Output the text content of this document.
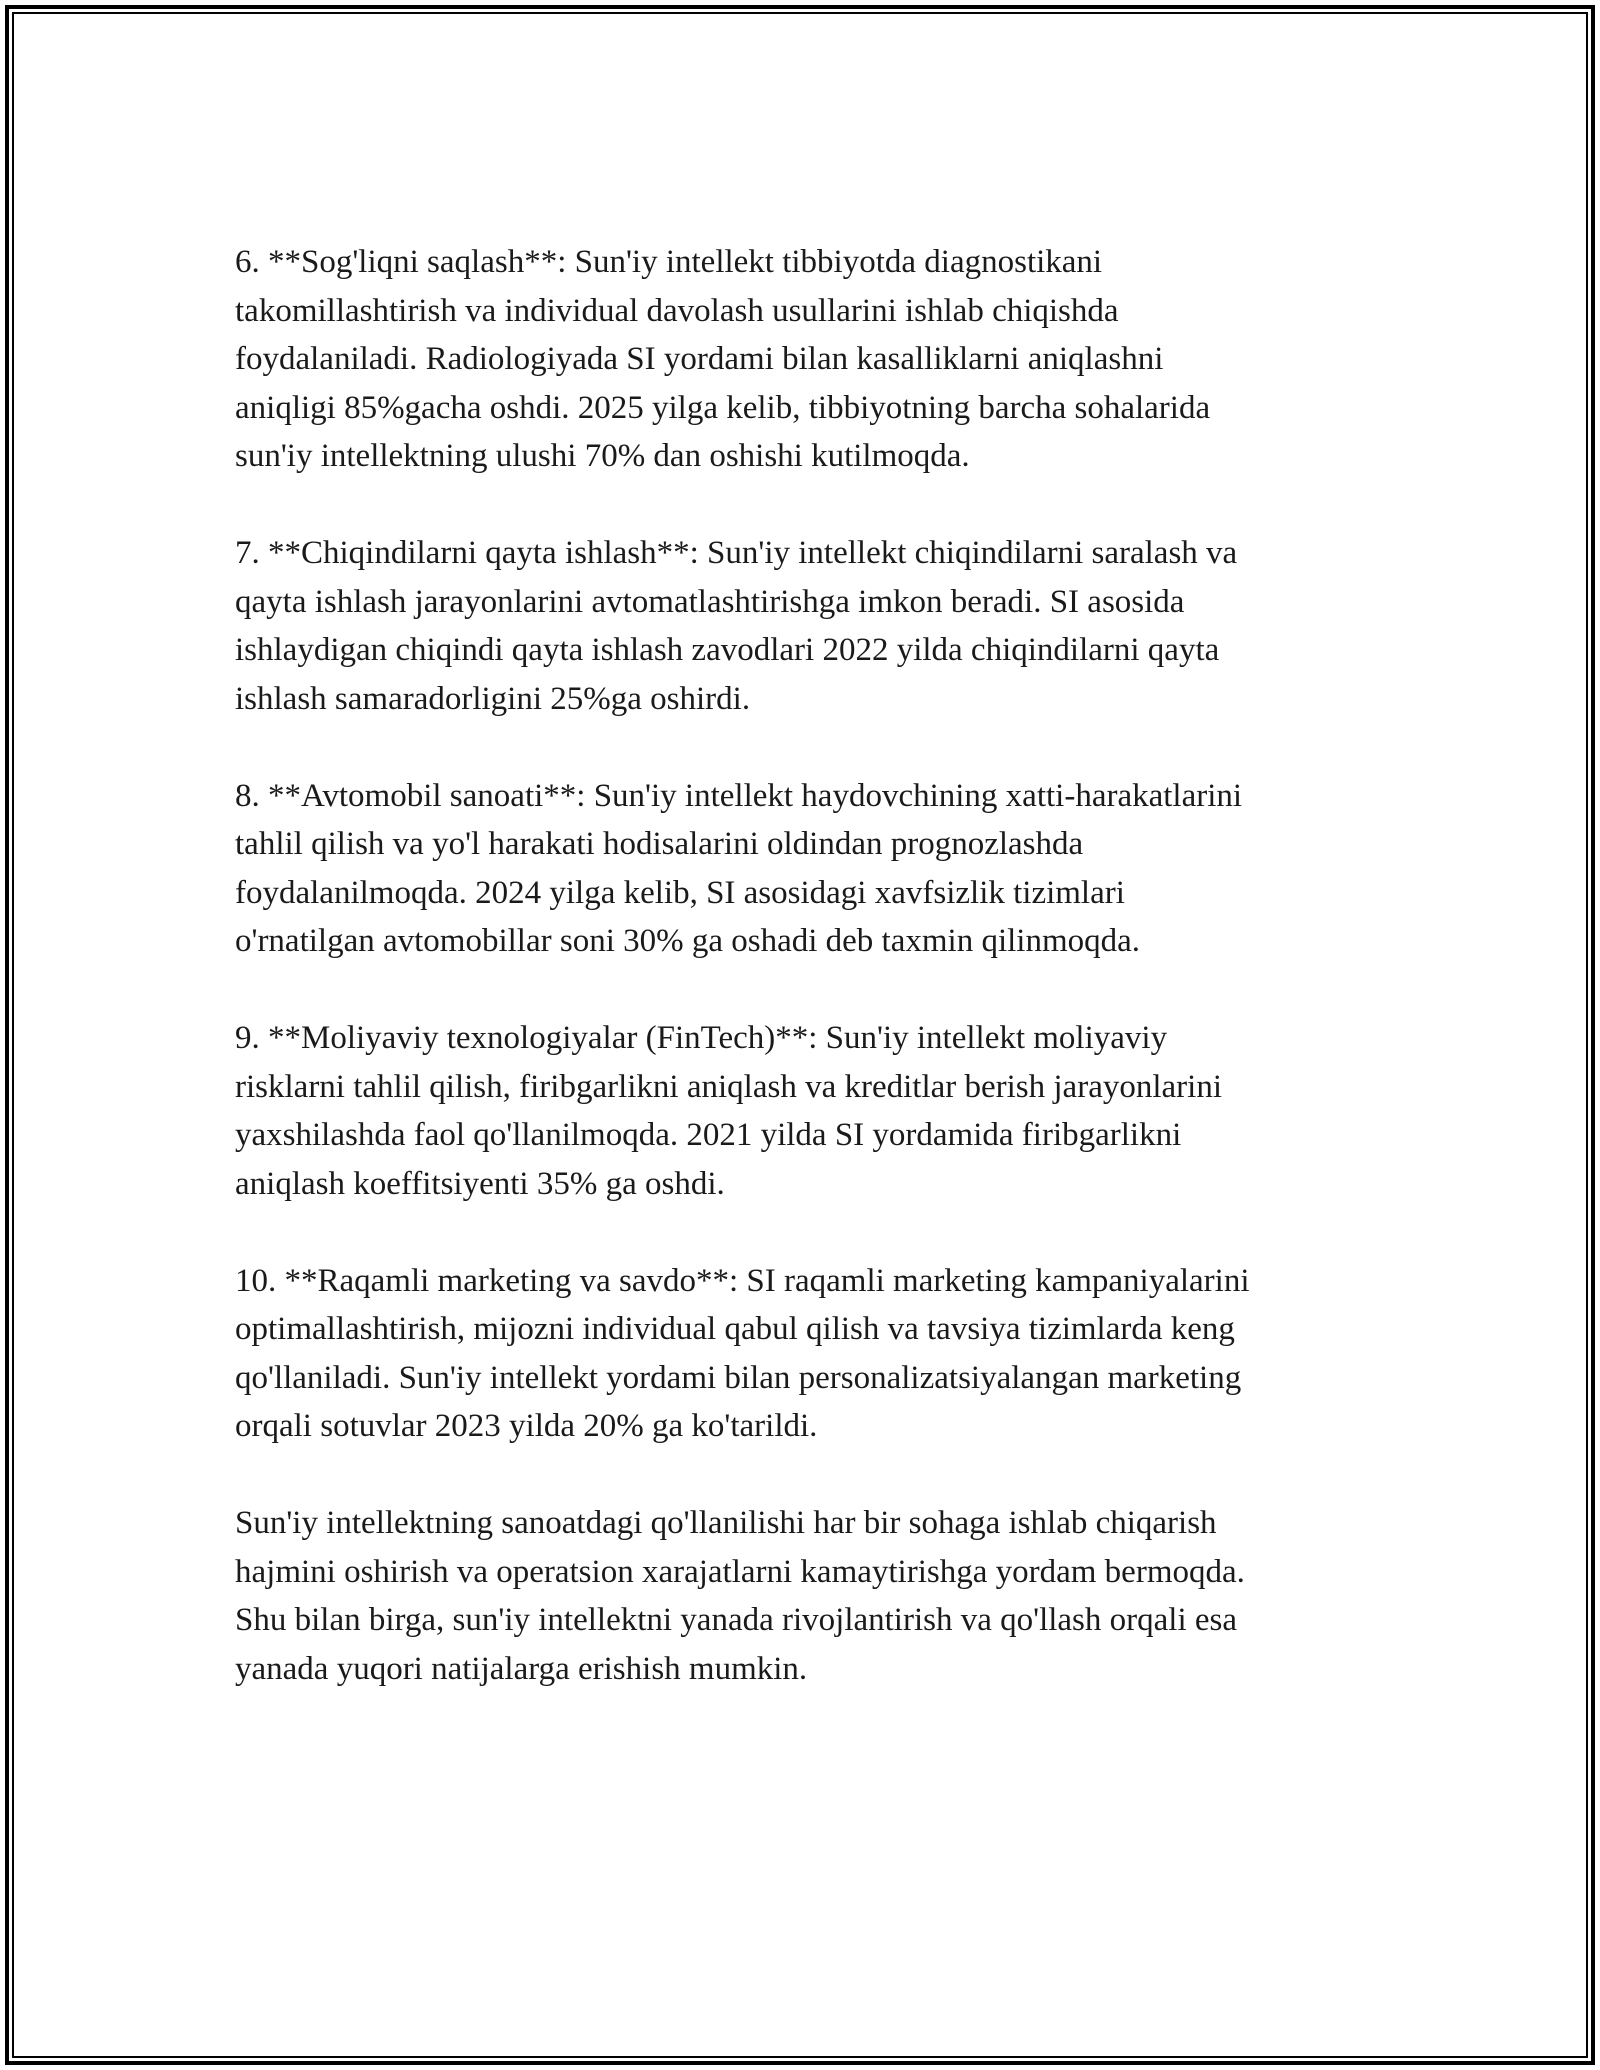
6. **Sog'liqni saqlash**: Sun'iy intellekt tibbiyotda diagnostikani
takomillashtirish va individual davolash usullarini ishlab chiqishda
foydalaniladi. Radiologiyada SI yordami bilan kasalliklarni aniqlashni
aniqligi 85%gacha oshdi. 2025 yilga kelib, tibbiyotning barcha sohalarida
sun'iy intellektning ulushi 70% dan oshishi kutilmoqda.

7. **Chiqindilarni qayta ishlash**: Sun'iy intellekt chiqindilarni saralash va
qayta ishlash jarayonlarini avtomatlashtirishga imkon beradi. SI asosida
ishlaydigan chiqindi qayta ishlash zavodlari 2022 yilda chiqindilarni qayta
ishlash samaradorligini 25%ga oshirdi.

8. **Avtomobil sanoati**: Sun'iy intellekt haydovchining xatti-harakatlarini
tahlil qilish va yo'l harakati hodisalarini oldindan prognozlashda
foydalanilmoqda. 2024 yilga kelib, SI asosidagi xavfsizlik tizimlari
o'rnatilgan avtomobillar soni 30% ga oshadi deb taxmin qilinmoqda.

9. **Moliyaviy texnologiyalar (FinTech)**: Sun'iy intellekt moliyaviy
risklarni tahlil qilish, firibgarlikni aniqlash va kreditlar berish jarayonlarini
yaxshilashda faol qo'llanilmoqda. 2021 yilda SI yordamida firibgarlikni
aniqlash koeffitsiyenti 35% ga oshdi.

10. **Raqamli marketing va savdo**: SI raqamli marketing kampaniyalarini
optimallashtirish, mijozni individual qabul qilish va tavsiya tizimlarda keng
qo'llaniladi. Sun'iy intellekt yordami bilan personalizatsiyalangan marketing
orqali sotuvlar 2023 yilda 20% ga ko'tarildi.

Sun'iy intellektning sanoatdagi qo'llanilishi har bir sohaga ishlab chiqarish
hajmini oshirish va operatsion xarajatlarni kamaytirishga yordam bermoqda.
Shu bilan birga, sun'iy intellektni yanada rivojlantirish va qo'llash orqali esa
yanada yuqori natijalarga erishish mumkin.
